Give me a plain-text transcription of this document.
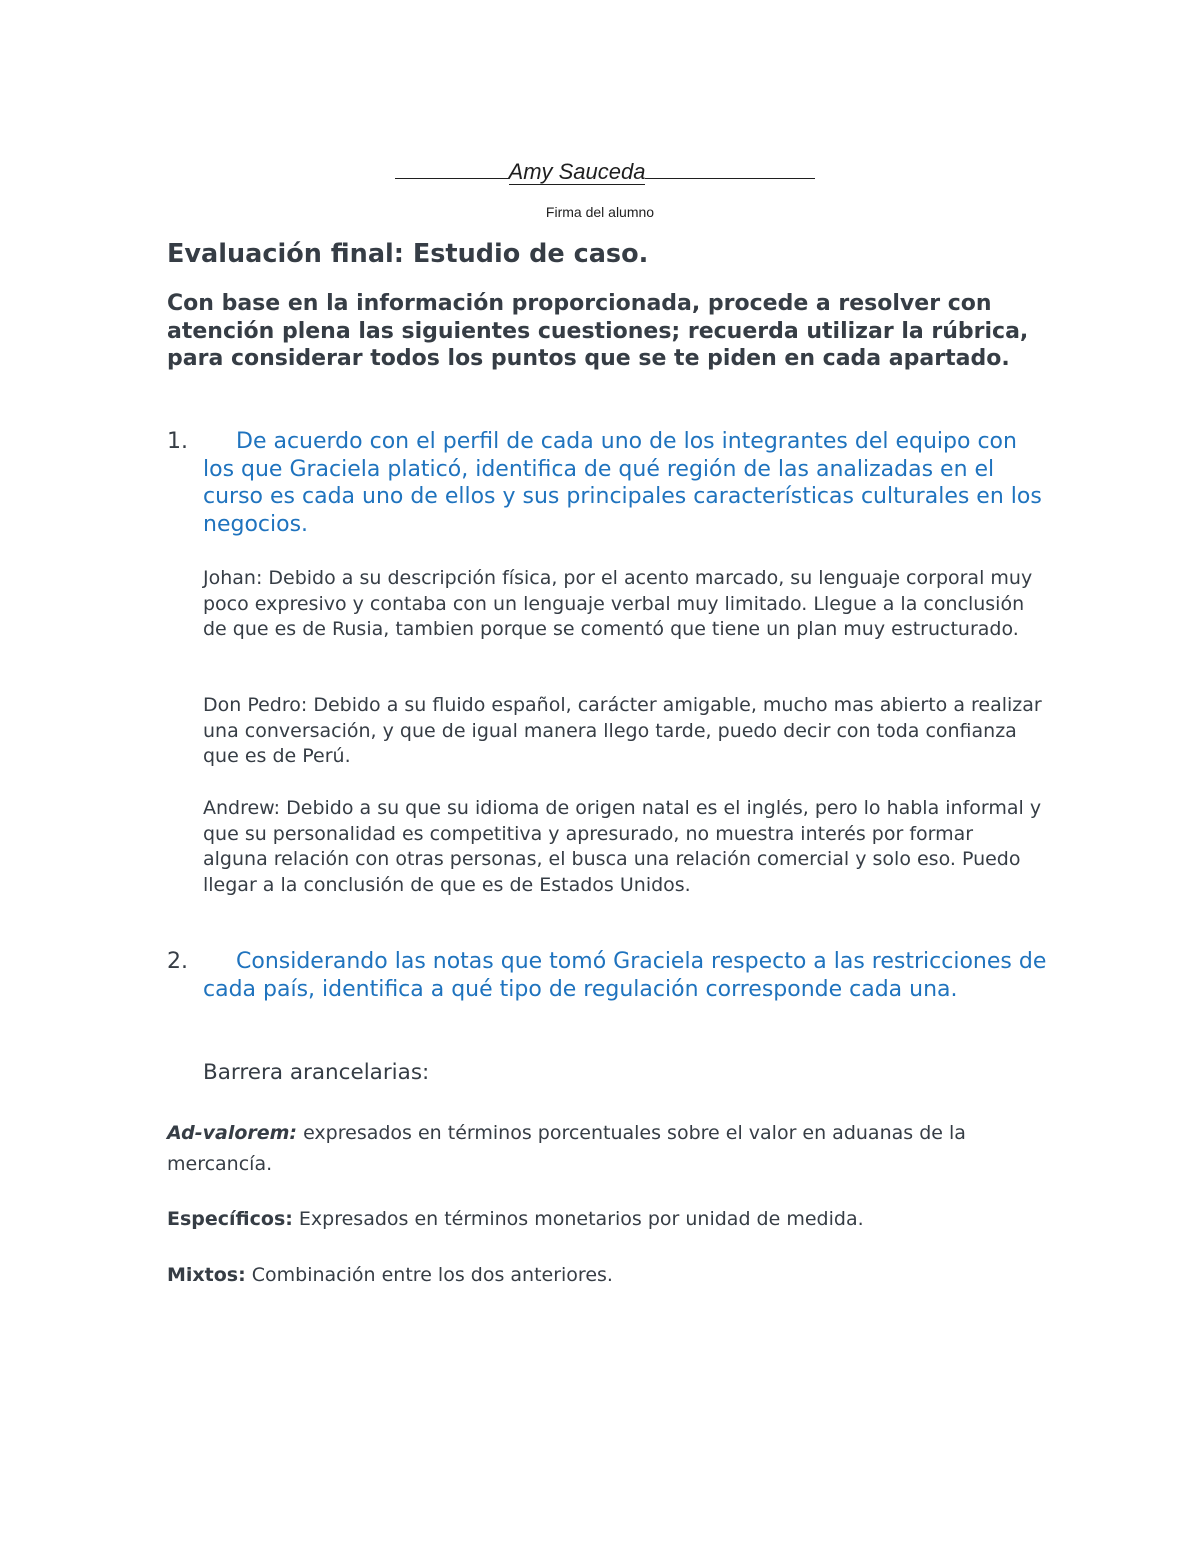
Amy Sauceda
Firma del alumno
Evaluación final: Estudio de caso.

Con base en la información proporcionada, procede a resolver con atención plena las siguientes cuestiones; recuerda utilizar la rúbrica, para considerar todos los puntos que se te piden en cada apartado.

1.	De acuerdo con el perfil de cada uno de los integrantes del equipo con los que Graciela platicó, identifica de qué región de las analizadas en el curso es cada uno de ellos y sus principales características culturales en los negocios.

Johan: Debido a su descripción física, por el acento marcado, su lenguaje corporal muy poco expresivo y contaba con un lenguaje verbal muy limitado. Llegue a la conclusión de que es de Rusia, tambien porque se comentó que tiene un plan muy estructurado.

Don Pedro: Debido a su fluido español, carácter amigable, mucho mas abierto a realizar una conversación, y que de igual manera llego tarde, puedo decir con toda confianza que es de Perú.

Andrew: Debido a su que su idioma de origen natal es el inglés, pero lo habla informal y que su personalidad es competitiva y apresurado, no muestra interés por formar alguna relación con otras personas, el busca una relación comercial y solo eso. Puedo llegar a la conclusión de que es de Estados Unidos.

2.	Considerando las notas que tomó Graciela respecto a las restricciones de cada país, identifica a qué tipo de regulación corresponde cada una.
Barrera arancelarias:

Ad-valorem: expresados en términos porcentuales sobre el valor en aduanas de la mercancía.

Específicos: Expresados en términos monetarios por unidad de medida.

Mixtos: Combinación entre los dos anteriores.
